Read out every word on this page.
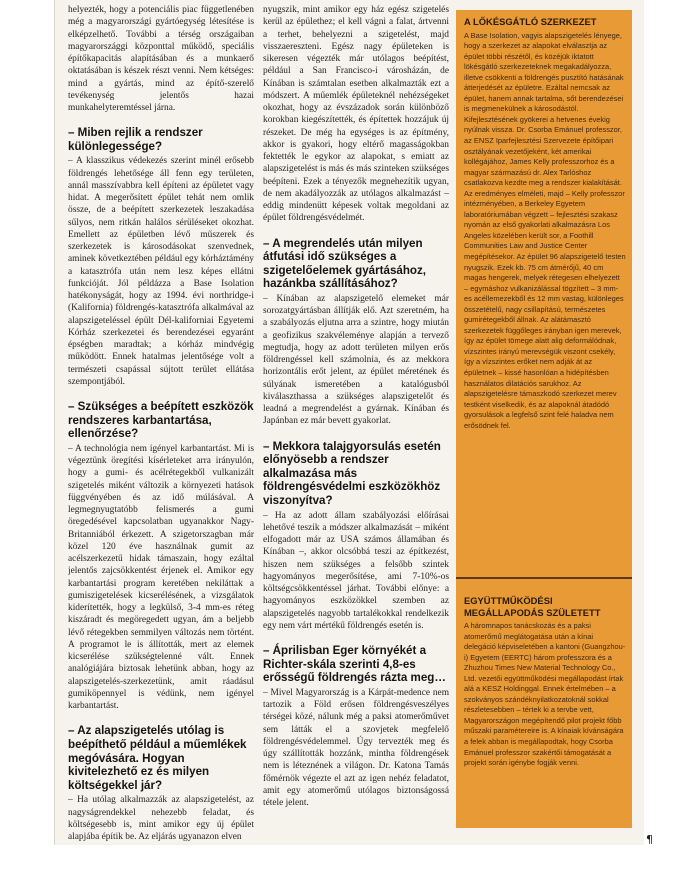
helyezték, hogy a potenciális piac függetlenében még a magyarországi gyártóegység létesítése is elképzelhető. További a térség országaiban magyarországgi központtal működő, speciális építőkapacitás alapításában és a munkaerő oktatásában is készek részt venni. Nem kétséges: mind a gyártás, mind az építő-szerelő tevékenység jelentős hazai munkahelyteremtéssel járna.

– Miben rejlik a rendszer különlegessége?

– A klasszikus védekezés szerint minél erősebb földrengés lehetősége áll fenn egy területen, annál masszívabbra kell építeni az épületet vagy hidat. A megerősített épület tehát nem omlik össze, de a beépített szerkezetek leszakadása sűlyos, nem ritkán halálos sérüléseket okozhat. Emellett az épületben lévő műszerek és szerkezetek is károsodásokat szenvednek, aminek következtében például egy kórháztámény a katasztrófa után nem lesz képes ellátni funkcióját. Jól példázza a Base Isolation hatékonyságát, hogy az 1994. évi northridge-i (Kalifornia) földrengés-katasztrófa alkalmával az alapszigeteléssel épült Dél-kaliforniai Egyetemi Kórház szerkezetei és berendezései egyaránt épségben maradtak; a kórház mindvégig működött. Ennek hatalmas jelentősége volt a természeti csapással sújtott terület ellátása szempontjából.

– Szükséges a beépített eszközök rendszeres karbantartása, ellenőrzése?

– A technológia nem igényel karbantartást. Mi is végeztünk öregítési kísérleteket arra irányulón, hogy a gumi- és acélrétegekből vulkanizált szigetelés miként változik a környezeti hatások függvényében és az idő múlásával. A legmegnyugtatóbb felismerés a gumi öregedésével kapcsolatban ugyanakkor Nagy-Britanniából érkezett. A szigetorszagban már közel 120 éve használnak gumit az acélszerkezetű hidak támaszain, hogy ezáltal jelentős zajcsökkentést érjenek el. Amikor egy karbantartási program keretében nekiláttak a gumiszigetelések kicserélésének, a vizsgálatok kiderítették, hogy a legkülső, 3-4 mm-es réteg kiszáradt és megöregedett ugyan, ám a beljebb lévő rétegekben semmilyen változás nem történt. A programot le is állították, mert az elemek kicserélése szükségtelenné vált. Ennek analógiájára biztosak lehetünk abban, hogy az alapszigetelés-szerkezetünk, amit ráadásul gumiköpennyel is védünk, nem igényel karbantartást.

– Az alapszigetelés utólag is beépíthető például a műemlékek megóvására. Hogyan kivitelezhető ez és milyen költségekkel jár?

– Ha utólag alkalmazzák az alapszigetelést, az nagyságrendekkel nehezebb feladat, és költségesebb is, mint amikor egy új épület alapjába építik be. Az eljárás ugyanazon elven

nyugszik, mint amikor egy ház egész szigetelés kerül az épülethez; el kell vágni a falat, ártvenni a terhet, behelyezni a szigetelést, majd visszaereszteni. Egész nagy épületeken is sikeresen végezték már utólagos beépítést, például a San Francisco-i városházán, de Kínában is számtalan esetben alkalmazták ezt a módszert. A műemlék épületeknél nehézségeket okozhat, hogy az évszázadok során különböző korokban kiegészítették, és építettek hozzájuk új részeket. De még ha egységes is az építmény, akkor is gyakori, hogy eltérő magasságokban fektették le egykor az alapokat, s emiatt az alapszigetelést is más és más szinteken szükséges beépíteni. Ezek a tényezők megnehezítik ugyan, de nem akadályozzák az utólagos alkalmazást – eddig mindenütt képesek voltak megoldani az épület földrengésvédelmét.

– A megrendelés után milyen átfutási idő szükséges a szigetelőelemek gyártásához, hazánkba szállításához?

– Kínában az alapszigetelő elemeket már sorozatgyártásban állítják elő. Azt szeretném, ha a szabályozás eljutna arra a szintre, hogy miután a geofizikus szakvéleménye alapján a tervező megtudja, hogy az adott területen milyen erős földrengéssel kell számolnia, és az mekkora horizontális erőt jelent, az épület méretének és súlyának ismeretében a katalógusból kiválaszthassa a szükséges alapszigetelőt és leadná a megrendelést a gyárnak. Kínában és Japánban ez már bevett gyakorlat.

– Mekkora talajgyorsulás esetén előnyösebb a rendszer alkalmazása más földrengésvédelmi eszközökhöz viszonyítva?

– Ha az adott állam szabályozási előírásai lehetővé teszik a módszer alkalmazását – miként elfogadott már az USA számos államában és Kínában –, akkor olcsóbbá teszi az építkezést, hiszen nem szükséges a felsőbb szintek hagyományos megerősítése, ami 7-10%-os költségcsökkentéssel járhat. További előnye: a hagyományos eszközökkel szemben az alapszigetelés nagyobb tartalékokkal rendelkezik egy nem várt mértékű földrengés esetén is.

– Áprilisban Eger környékét a Richter-skála szerinti 4,8-es erősségű földrengés rázta meg…

– Mivel Magyarország is a Kárpát-medence nem tartozik a Föld erősen földrengésveszélyes térségei közé, nálunk még a paksi atomerőművet sem látták el a szovjetek megfelelő földrengésvédelemmel. Úgy tervezték meg és úgy szállították hozzánk, mintha földrengések nem is léteznének a világon. Dr. Katona Tamás főmérnök végezte el azt az igen nehéz feladatot, amit egy atomerőmű utólagos biztonságossá tétele jelent.

A LŐKÉSGÁTLÓ SZERKEZET

A Base Isolation, vagyis alapszigetelés lényege, hogy a szerkezet az alapokat elválasztja az épület többi részétől, és közéjük iktatott lökésgátló szerkezeteknek megakadályozza, illetve csökkenti a földrengés pusztító hatásának átterjedését az épületre. Ezáltal nemcsak az épület, hanem annak tartalma, sőt berendezései is megmenekülnek a károsodástól. Kifejlesztésének gyökerei a hetvenes évekig nyúlnak vissza. Dr. Csorba Emánuel professzor, az ENSZ Iparfejlesztési Szervezete építőipari osztályának vezetőjeként, két amerikai kollégájához, James Kelly professzorhoz és a magyar származású dr. Alex Tarlóshoz csatlakozva kezdte meg a rendszer kialakítását. Az eredményes elméleti, majd – Kelly professzor intézményében, a Berkeley Egyetem laboratóriumában végzett – fejlesztési szakasz nyomán az első gyakorlati alkalmazásra Los Angeles közelében került sor, a Foothill Communities Law and Justice Center megépítésekor. Az épület 96 alapszigetelő testen nyugszik. Ezek kb. 75 cm átmérőjű, 40 cm magas hengerek, melyek rétegesen elhelyezett – egymáshoz vulkanizálással tögzített – 3 mm-es acéllemezekből és 12 mm vastag, különleges összetételű, nagy csillapítású, természetes gumirétegekből állnak. Az alátámasztó szerkezetek függőleges irányban igen merevek, így az épület tömege alatt alig deformálódnak, vízszintes irányú merevségük viszont csekély, így a vízszintes erőket nem adják át az épületnek – kissé hasonlóan a hidépítésben használatos dilatációs sarukhoz. Az alapszigetelésre támaszkodó szerkezet merev testként viselkedik, és az alapoknál átadódó gyorsulások a legfelső szint felé haladva nem erősödnek fel.

EGYÜTTMŰKÖDÉSI MEGÁLLAPODÁS SZÜLETETT

A háromnapos tanácskozás és a paksi atomerőmű meglátogatása után a kínai delegáció képviseletében a kantoni (Guangzhou-i) Egyetem (EERTC) három professzora és a Zhuzhou Times New Material Technology Co., Ltd. vezetői együttműködési megállapodást írtak alá a KESZ Holdinggal. Ennek értelmében – a szokványos szándéknyilatkozatoknál sokkal részletesebben – tértek ki a tervbe vett, Magyarországon megépítendő pilot projekt főbb műszaki paramétereire is. A kínaiak kívánságára a felek abban is megállapodtak, hogy Csorba Emánuel professzor szakértői támogatását a projekt során igénybe fogják venni.

¶
